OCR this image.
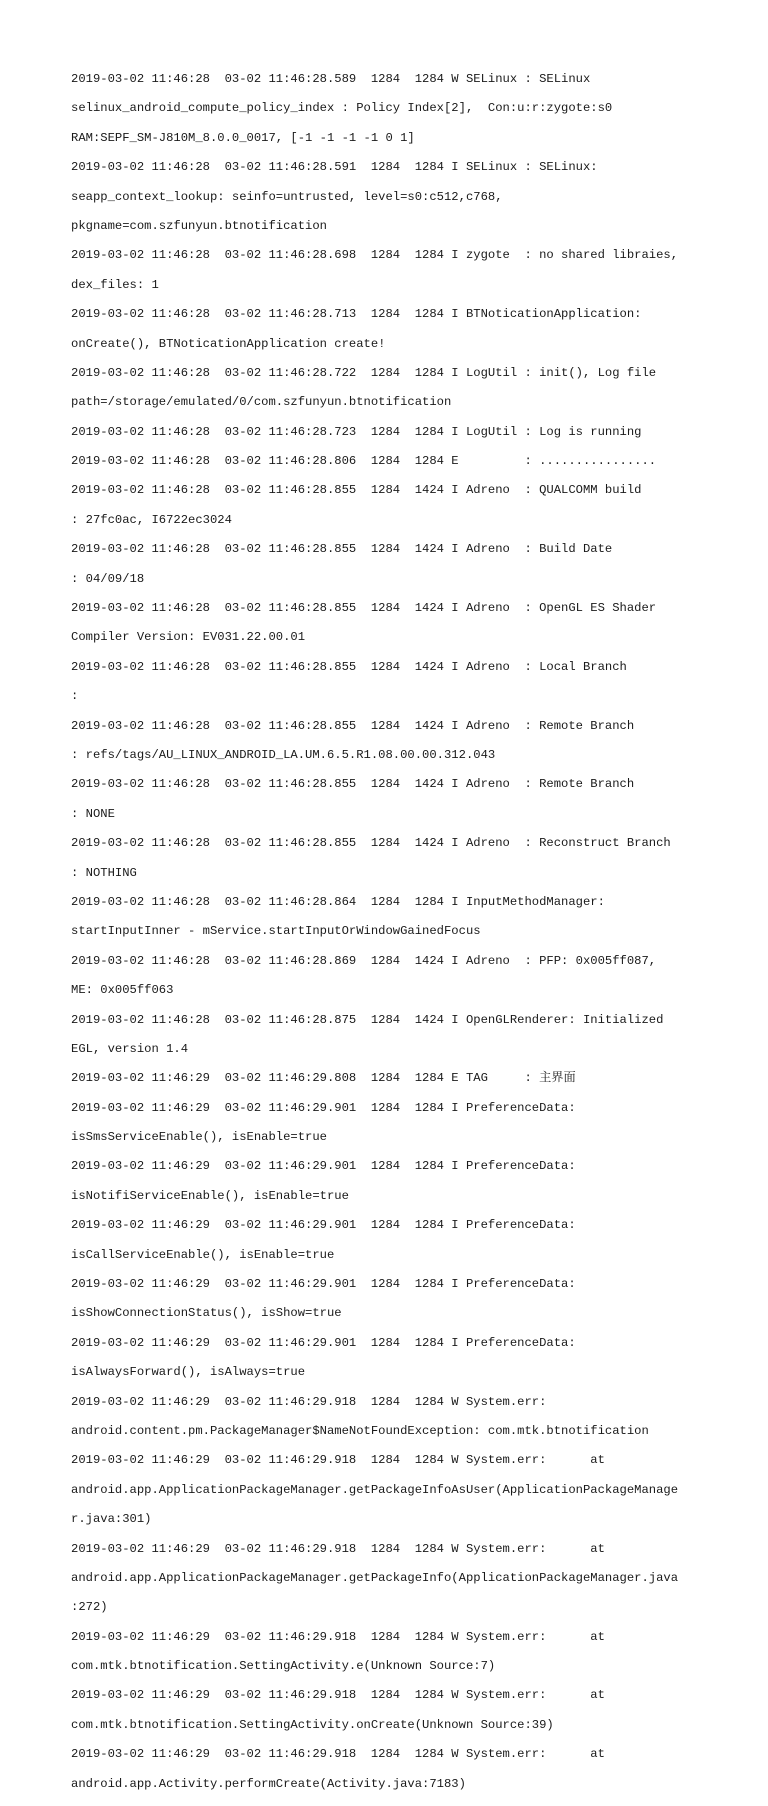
2019-03-02 11:46:28  03-02 11:46:28.589  1284  1284 W SELinux : SELinux

selinux_android_compute_policy_index : Policy Index[2],  Con:u:r:zygote:s0

RAM:SEPF_SM-J810M_8.0.0_0017, [-1 -1 -1 -1 0 1]

2019-03-02 11:46:28  03-02 11:46:28.591  1284  1284 I SELinux : SELinux:

seapp_context_lookup: seinfo=untrusted, level=s0:c512,c768,

pkgname=com.szfunyun.btnotification

2019-03-02 11:46:28  03-02 11:46:28.698  1284  1284 I zygote  : no shared libraies,

dex_files: 1

2019-03-02 11:46:28  03-02 11:46:28.713  1284  1284 I BTNoticationApplication:

onCreate(), BTNoticationApplication create!

2019-03-02 11:46:28  03-02 11:46:28.722  1284  1284 I LogUtil : init(), Log file

path=/storage/emulated/0/com.szfunyun.btnotification

2019-03-02 11:46:28  03-02 11:46:28.723  1284  1284 I LogUtil : Log is running

2019-03-02 11:46:28  03-02 11:46:28.806  1284  1284 E         : ................

2019-03-02 11:46:28  03-02 11:46:28.855  1284  1424 I Adreno  : QUALCOMM build

: 27fc0ac, I6722ec3024

2019-03-02 11:46:28  03-02 11:46:28.855  1284  1424 I Adreno  : Build Date

: 04/09/18

2019-03-02 11:46:28  03-02 11:46:28.855  1284  1424 I Adreno  : OpenGL ES Shader

Compiler Version: EV031.22.00.01

2019-03-02 11:46:28  03-02 11:46:28.855  1284  1424 I Adreno  : Local Branch

:

2019-03-02 11:46:28  03-02 11:46:28.855  1284  1424 I Adreno  : Remote Branch

: refs/tags/AU_LINUX_ANDROID_LA.UM.6.5.R1.08.00.00.312.043

2019-03-02 11:46:28  03-02 11:46:28.855  1284  1424 I Adreno  : Remote Branch

: NONE

2019-03-02 11:46:28  03-02 11:46:28.855  1284  1424 I Adreno  : Reconstruct Branch

: NOTHING

2019-03-02 11:46:28  03-02 11:46:28.864  1284  1284 I InputMethodManager:

startInputInner - mService.startInputOrWindowGainedFocus

2019-03-02 11:46:28  03-02 11:46:28.869  1284  1424 I Adreno  : PFP: 0x005ff087,

ME: 0x005ff063

2019-03-02 11:46:28  03-02 11:46:28.875  1284  1424 I OpenGLRenderer: Initialized

EGL, version 1.4

2019-03-02 11:46:29  03-02 11:46:29.808  1284  1284 E TAG     : 主界面

2019-03-02 11:46:29  03-02 11:46:29.901  1284  1284 I PreferenceData:

isSmsServiceEnable(), isEnable=true

2019-03-02 11:46:29  03-02 11:46:29.901  1284  1284 I PreferenceData:

isNotifiServiceEnable(), isEnable=true

2019-03-02 11:46:29  03-02 11:46:29.901  1284  1284 I PreferenceData:

isCallServiceEnable(), isEnable=true

2019-03-02 11:46:29  03-02 11:46:29.901  1284  1284 I PreferenceData:

isShowConnectionStatus(), isShow=true

2019-03-02 11:46:29  03-02 11:46:29.901  1284  1284 I PreferenceData:

isAlwaysForward(), isAlways=true

2019-03-02 11:46:29  03-02 11:46:29.918  1284  1284 W System.err:

android.content.pm.PackageManager$NameNotFoundException: com.mtk.btnotification

2019-03-02 11:46:29  03-02 11:46:29.918  1284  1284 W System.err:      at

android.app.ApplicationPackageManager.getPackageInfoAsUser(ApplicationPackageManage

r.java:301)

2019-03-02 11:46:29  03-02 11:46:29.918  1284  1284 W System.err:      at

android.app.ApplicationPackageManager.getPackageInfo(ApplicationPackageManager.java

:272)

2019-03-02 11:46:29  03-02 11:46:29.918  1284  1284 W System.err:      at

com.mtk.btnotification.SettingActivity.e(Unknown Source:7)

2019-03-02 11:46:29  03-02 11:46:29.918  1284  1284 W System.err:      at

com.mtk.btnotification.SettingActivity.onCreate(Unknown Source:39)

2019-03-02 11:46:29  03-02 11:46:29.918  1284  1284 W System.err:      at

android.app.Activity.performCreate(Activity.java:7183)
